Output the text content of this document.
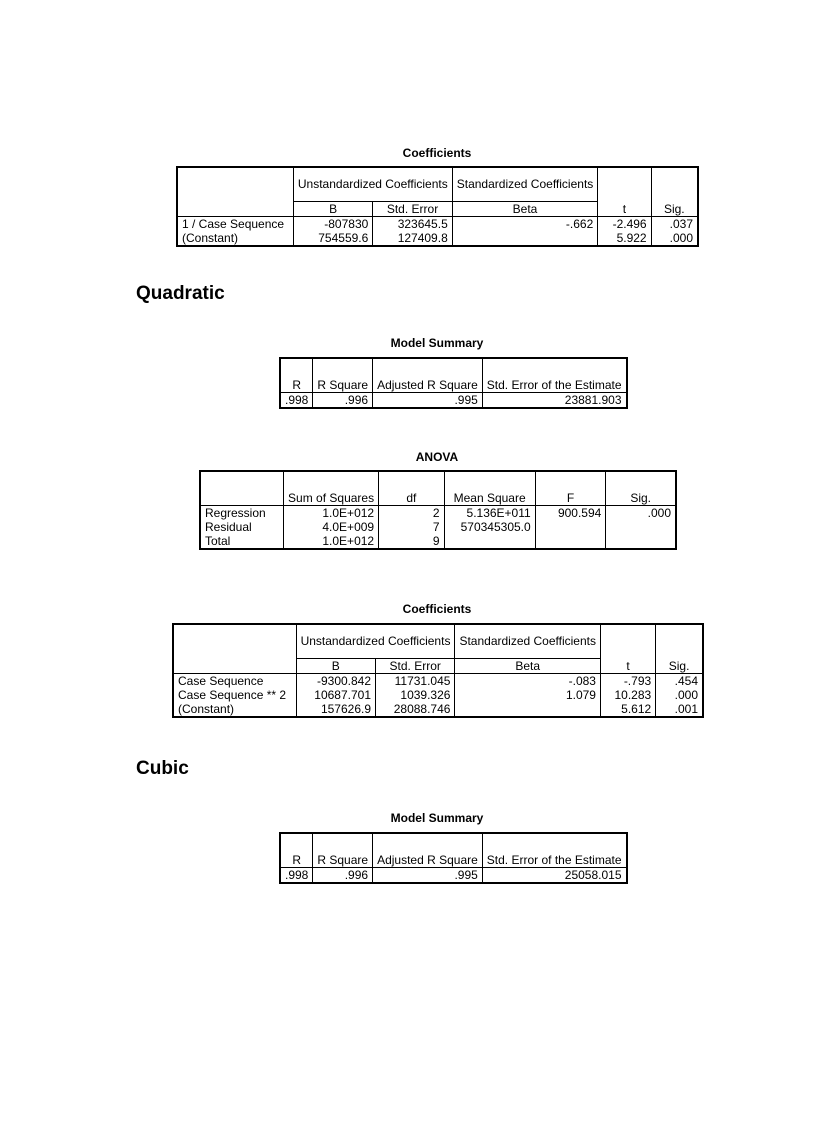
Coefficients
	Unstandardized Coefficients		Standardized Coefficients	t	Sig.
	B	Std. Error	Beta		
1 / Case Sequence	-807830	323645.5	-.662	-2.496	.037
(Constant)	754559.6	127409.8		5.922	.000
Quadratic
Model Summary
R	R Square	Adjusted R Square	Std. Error of the Estimate
.998	.996	.995	23881.903
ANOVA
	Sum of Squares	df	Mean Square	F	Sig.
Regression	1.0E+012	2	5.136E+011	900.594	.000
Residual	4.0E+009	7	570345305.0		
Total	1.0E+012	9			
Coefficients
	Unstandardized Coefficients		Standardized Coefficients	t	Sig.
	B	Std. Error	Beta		
Case Sequence	-9300.842	11731.045	-.083	-.793	.454
Case Sequence ** 2	10687.701	1039.326	1.079	10.283	.000
(Constant)	157626.9	28088.746		5.612	.001
Cubic
Model Summary
R	R Square	Adjusted R Square	Std. Error of the Estimate
.998	.996	.995	25058.015
